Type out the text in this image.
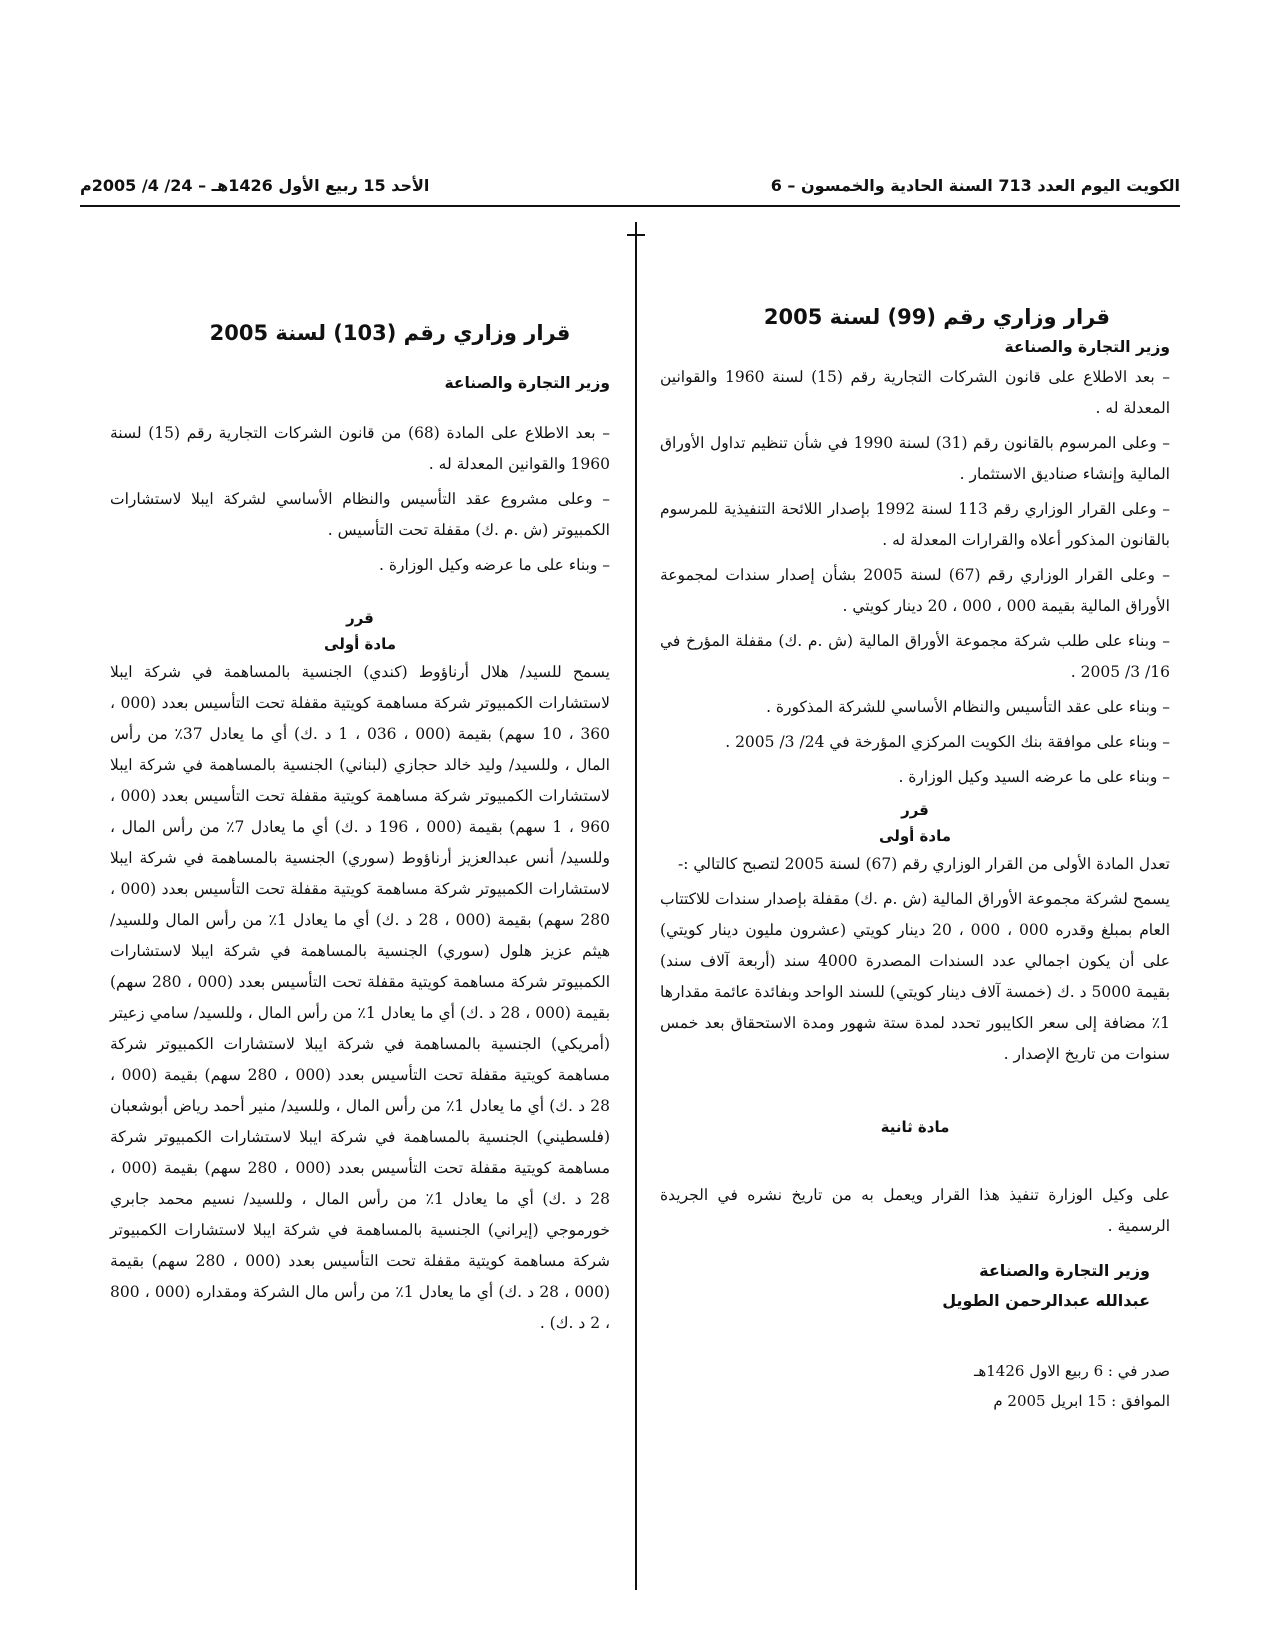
الكويت اليوم العدد 713 السنة الحادية والخمسون – 6
الأحد 15 ربيع الأول 1426هـ – 24/ 4/ 2005م
قرار وزاري رقم (99) لسنة 2005
وزير التجارة والصناعة
– بعد الاطلاع على قانون الشركات التجارية رقم (15) لسنة 1960 والقوانين المعدلة له .
– وعلى المرسوم بالقانون رقم (31) لسنة 1990 في شأن تنظيم تداول الأوراق المالية وإنشاء صناديق الاستثمار .
– وعلى القرار الوزاري رقم 113 لسنة 1992 بإصدار اللائحة التنفيذية للمرسوم بالقانون المذكور أعلاه والقرارات المعدلة له .
– وعلى القرار الوزاري رقم (67) لسنة 2005 بشأن إصدار سندات لمجموعة الأوراق المالية بقيمة 000 ، 000 ، 20 دينار كويتي .
– وبناء على طلب شركة مجموعة الأوراق المالية (ش .م .ك) مقفلة المؤرخ في 16/ 3/ 2005 .
– وبناء على عقد التأسيس والنظام الأساسي للشركة المذكورة .
– وبناء على موافقة بنك الكويت المركزي المؤرخة في 24/ 3/ 2005 .
– وبناء على ما عرضه السيد وكيل الوزارة .
قرر
مادة أولى
تعدل المادة الأولى من القرار الوزاري رقم (67) لسنة 2005 لتصبح كالتالي :-
يسمح لشركة مجموعة الأوراق المالية (ش .م .ك) مقفلة بإصدار سندات للاكتتاب العام بمبلغ وقدره 000 ، 000 ، 20 دينار كويتي (عشرون مليون دينار كويتي) على أن يكون اجمالي عدد السندات المصدرة 4000 سند (أربعة آلاف سند) بقيمة 5000 د .ك (خمسة آلاف دينار كويتي) للسند الواحد وبفائدة عائمة مقدارها 1٪ مضافة إلى سعر الكايبور تحدد لمدة ستة شهور ومدة الاستحقاق بعد خمس سنوات من تاريخ الإصدار .
مادة ثانية
على وكيل الوزارة تنفيذ هذا القرار ويعمل به من تاريخ نشره في الجريدة الرسمية .
وزير التجارة والصناعة
عبدالله عبدالرحمن الطويل
صدر في : 6 ربيع الاول 1426هـ
الموافق : 15 ابريل 2005 م
قرار وزاري رقم (103) لسنة 2005
وزير التجارة والصناعة
– بعد الاطلاع على المادة (68) من قانون الشركات التجارية رقم (15) لسنة 1960 والقوانين المعدلة له .
– وعلى مشروع عقد التأسيس والنظام الأساسي لشركة ايبلا لاستشارات الكمبيوتر (ش .م .ك) مقفلة تحت التأسيس .
– وبناء على ما عرضه وكيل الوزارة .
قرر
مادة أولى
يسمح للسيد/ هلال أرناؤوط (كندي) الجنسية بالمساهمة في شركة ايبلا لاستشارات الكمبيوتر شركة مساهمة كويتية مقفلة تحت التأسيس بعدد (000 ، 360 ، 10 سهم) بقيمة (000 ، 036 ، 1 د .ك) أي ما يعادل 37٪ من رأس المال ، وللسيد/ وليد خالد حجازي (لبناني) الجنسية بالمساهمة في شركة ايبلا لاستشارات الكمبيوتر شركة مساهمة كويتية مقفلة تحت التأسيس بعدد (000 ، 960 ، 1 سهم) بقيمة (000 ، 196 د .ك) أي ما يعادل 7٪ من رأس المال ، وللسيد/ أنس عبدالعزيز أرناؤوط (سوري) الجنسية بالمساهمة في شركة ايبلا لاستشارات الكمبيوتر شركة مساهمة كويتية مقفلة تحت التأسيس بعدد (000 ، 280 سهم) بقيمة (000 ، 28 د .ك) أي ما يعادل 1٪ من رأس المال وللسيد/ هيثم عزيز هلول (سوري) الجنسية بالمساهمة في شركة ايبلا لاستشارات الكمبيوتر شركة مساهمة كويتية مقفلة تحت التأسيس بعدد (000 ، 280 سهم) بقيمة (000 ، 28 د .ك) أي ما يعادل 1٪ من رأس المال ، وللسيد/ سامي زعيتر (أمريكي) الجنسية بالمساهمة في شركة ايبلا لاستشارات الكمبيوتر شركة مساهمة كويتية مقفلة تحت التأسيس بعدد (000 ، 280 سهم) بقيمة (000 ، 28 د .ك) أي ما يعادل 1٪ من رأس المال ، وللسيد/ منير أحمد رياض أبوشعبان (فلسطيني) الجنسية بالمساهمة في شركة ايبلا لاستشارات الكمبيوتر شركة مساهمة كويتية مقفلة تحت التأسيس بعدد (000 ، 280 سهم) بقيمة (000 ، 28 د .ك) أي ما يعادل 1٪ من رأس المال ، وللسيد/ نسيم محمد جابري خورموجي (إيراني) الجنسية بالمساهمة في شركة ايبلا لاستشارات الكمبيوتر شركة مساهمة كويتية مقفلة تحت التأسيس بعدد (000 ، 280 سهم) بقيمة (000 ، 28 د .ك) أي ما يعادل 1٪ من رأس مال الشركة ومقداره (000 ، 800 ، 2 د .ك) .
